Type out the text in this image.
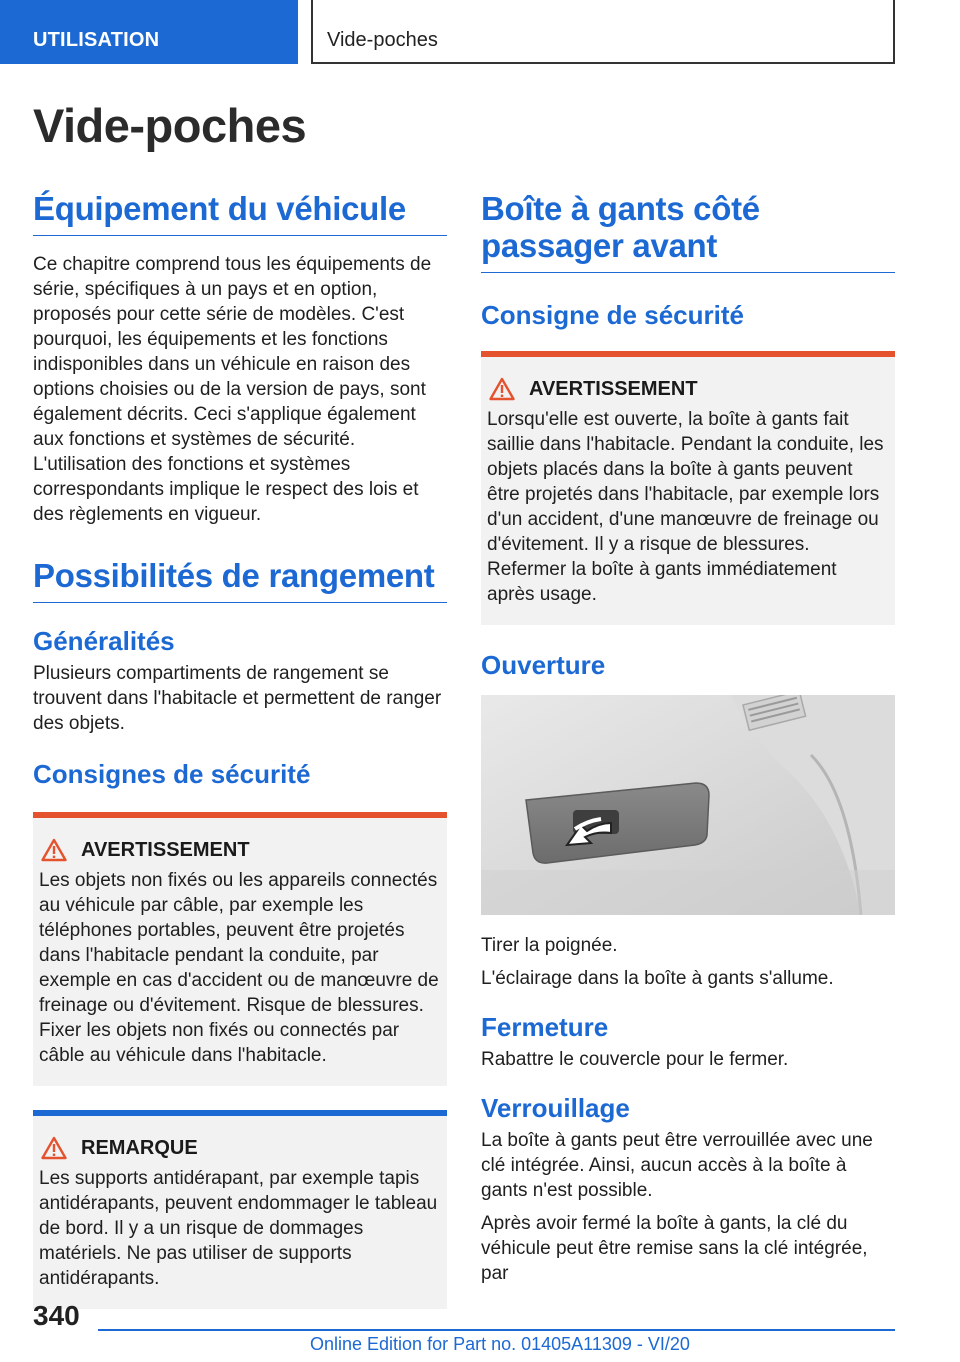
UTILISATION	Vide-poches
Vide-poches
Équipement du véhicule

Ce chapitre comprend tous les équipements de série, spécifiques à un pays et en option, proposés pour cette série de modèles. C'est pourquoi, les équipements et les fonctions indisponibles dans un véhicule en raison des options choisies ou de la version de pays, sont également décrits. Ceci s'applique également aux fonctions et systèmes de sécurité. L'utilisation des fonctions et systèmes correspondants implique le respect des lois et des règlements en vigueur.

Possibilités de rangement
Généralités

Plusieurs compartiments de rangement se trouvent dans l'habitacle et permettent de ranger des objets.

Consignes de sécurité
AVERTISSEMENT

Les objets non fixés ou les appareils connectés au véhicule par câble, par exemple les téléphones portables, peuvent être projetés dans l'habitacle pendant la conduite, par exemple en cas d'accident ou de manœuvre de freinage ou d'évitement. Risque de blessures. Fixer les objets non fixés ou connectés par câble au véhicule dans l'habitacle.

REMARQUE

Les supports antidérapant, par exemple tapis antidérapants, peuvent endommager le tableau de bord. Il y a un risque de dommages matériels. Ne pas utiliser de supports antidérapants.

Boîte à gants côté passager avant
Consigne de sécurité
AVERTISSEMENT

Lorsqu'elle est ouverte, la boîte à gants fait saillie dans l'habitacle. Pendant la conduite, les objets placés dans la boîte à gants peuvent être projetés dans l'habitacle, par exemple lors d'un accident, d'une manœuvre de freinage ou d'évitement. Il y a risque de blessures. Refermer la boîte à gants immédiatement après usage.

Ouverture

Tirer la poignée.

L'éclairage dans la boîte à gants s'allume.

Fermeture

Rabattre le couvercle pour le fermer.

Verrouillage

La boîte à gants peut être verrouillée avec une clé intégrée. Ainsi, aucun accès à la boîte à gants n'est possible.

Après avoir fermé la boîte à gants, la clé du véhicule peut être remise sans la clé intégrée, par

340
Online Edition for Part no. 01405A11309 - VI/20
